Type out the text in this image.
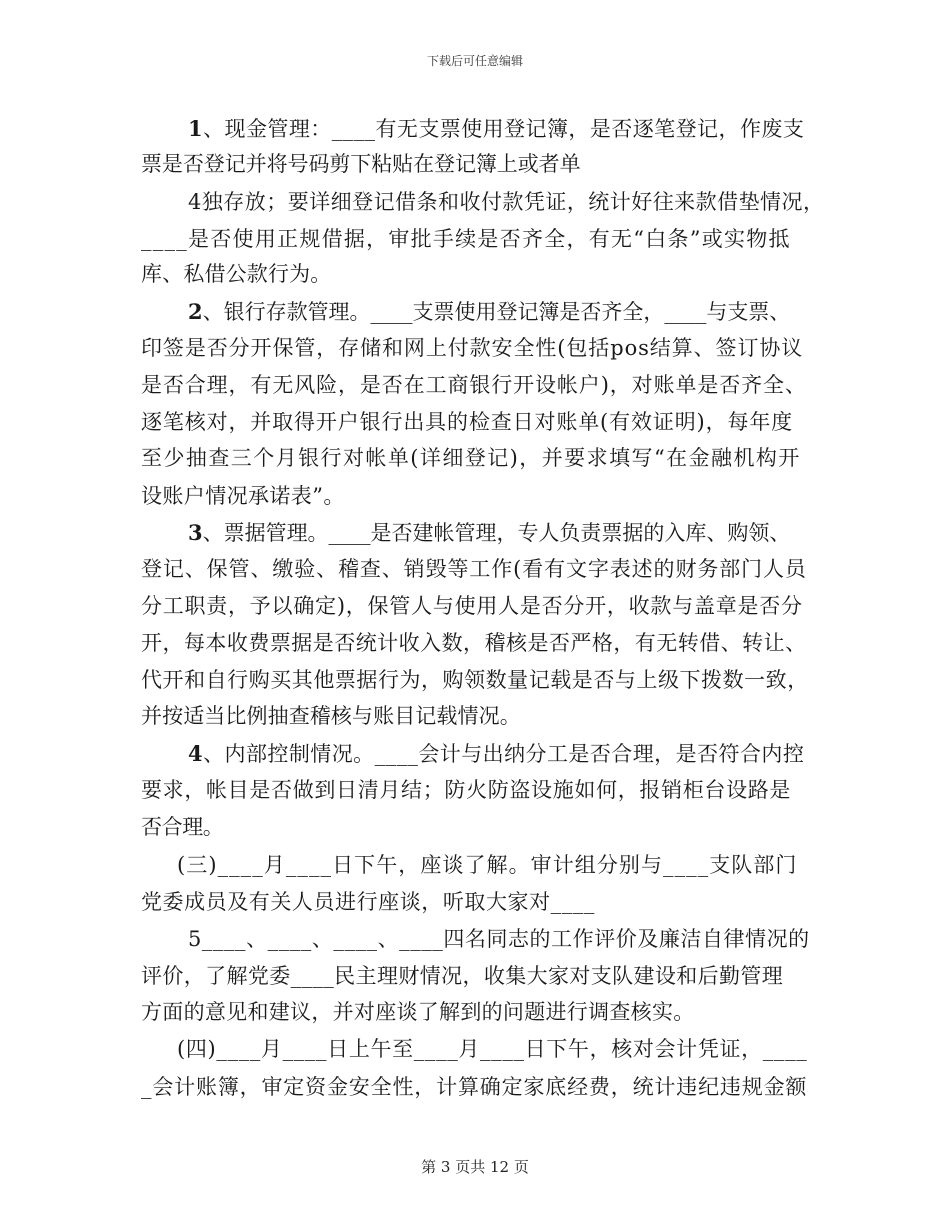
下载后可任意编辑
1、现金管理：____有无支票使用登记簿，是否逐笔登记，作废支
票是否登记并将号码剪下粘贴在登记簿上或者单
4独存放；要详细登记借条和收付款凭证，统计好往来款借垫情况，
____是否使用正规借据，审批手续是否齐全，有无“白条”或实物抵
库、私借公款行为。
2、银行存款管理。____支票使用登记簿是否齐全，____与支票、
印签是否分开保管，存储和网上付款安全性(包括pos结算、签订协议
是否合理，有无风险，是否在工商银行开设帐户)，对账单是否齐全、
逐笔核对，并取得开户银行出具的检查日对账单(有效证明)，每年度
至少抽查三个月银行对帐单(详细登记)，并要求填写“在金融机构开
设账户情况承诺表”。
3、票据管理。____是否建帐管理，专人负责票据的入库、购领、
登记、保管、缴验、稽查、销毁等工作(看有文字表述的财务部门人员
分工职责，予以确定)，保管人与使用人是否分开，收款与盖章是否分
开，每本收费票据是否统计收入数，稽核是否严格，有无转借、转让、
代开和自行购买其他票据行为，购领数量记载是否与上级下拨数一致，
并按适当比例抽查稽核与账目记载情况。
4、内部控制情况。____会计与出纳分工是否合理，是否符合内控
要求，帐目是否做到日清月结；防火防盗设施如何，报销柜台设路是
否合理。
(三)____月____日下午，座谈了解。审计组分别与____支队部门
党委成员及有关人员进行座谈，听取大家对____
5____、____、____、____四名同志的工作评价及廉洁自律情况的
评价，了解党委____民主理财情况，收集大家对支队建设和后勤管理
方面的意见和建议，并对座谈了解到的问题进行调查核实。
(四)____月____日上午至____月____日下午，核对会计凭证，____
_会计账簿，审定资金安全性，计算确定家底经费，统计违纪违规金额
第 3 页共 12 页
